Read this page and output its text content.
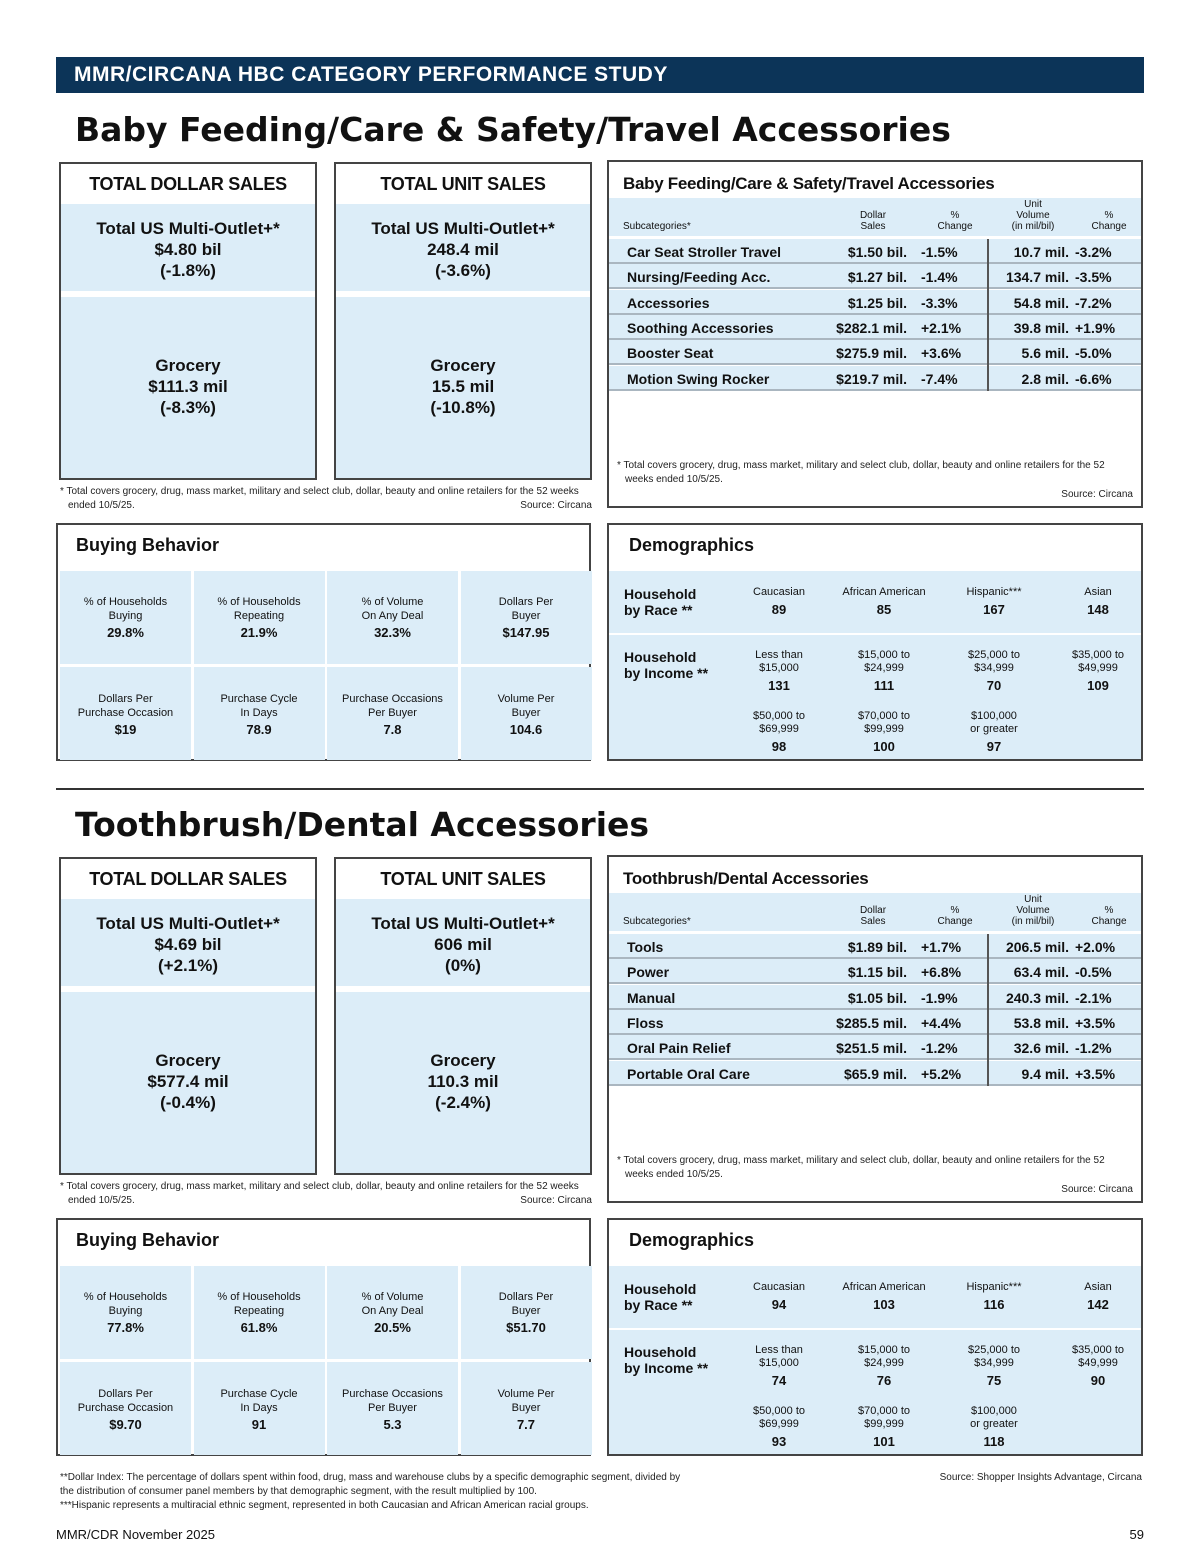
MMR/CIRCANA HBC CATEGORY PERFORMANCE STUDY
Baby Feeding/Care & Safety/Travel Accessories
TOTAL DOLLAR SALES
Total US Multi-Outlet+*
$4.80 bil
(-1.8%)
Grocery
$111.3 mil
(-8.3%)
TOTAL UNIT SALES
Total US Multi-Outlet+*
248.4 mil
(-3.6%)
Grocery
15.5 mil
(-10.8%)
* Total covers grocery, drug, mass market, military and select club, dollar, beauty and online retailers for the 52 weeks
ended 10/5/25.	Source: Circana
Baby Feeding/Care & Safety/Travel Accessories
Subcategories*
Dollar
Sales
%
Change
Unit
Volume
(in mil/bil)
%
Change
Car Seat Stroller Travel	$1.50 bil. -1.5%	10.7 mil. -3.2%
Nursing/Feeding Acc.	$1.27 bil. -1.4%	134.7 mil. -3.5%
Accessories	$1.25 bil. -3.3%	54.8 mil. -7.2%
Soothing Accessories	$282.1 mil. +2.1%	39.8 mil. +1.9%
Booster Seat	$275.9 mil. +3.6%	5.6 mil. -5.0%
Motion Swing Rocker	$219.7 mil. -7.4%	2.8 mil. -6.6%
* Total covers grocery, drug, mass market, military and select club, dollar, beauty and online retailers for the 52
weeks ended 10/5/25.
Source: Circana
Buying Behavior
% of Households
Buying
29.8%
% of Households
Repeating
21.9%
% of Volume
On Any Deal
32.3%
Dollars Per
Buyer
$147.95
Dollars Per
Purchase Occasion
$19
Purchase Cycle
In Days
78.9
Purchase Occasions
Per Buyer
7.8
Volume Per
Buyer
104.6
Demographics
Household
by Race **
Household
by Income **
Caucasian
89
African American
85
Hispanic***
167
Asian
148
Less than
$15,000
131
$15,000 to
$24,999
111
$25,000 to
$34,999
70
$35,000 to
$49,999
109
$50,000 to
$69,999
98
$70,000 to
$99,999
100
$100,000
or greater
97
Toothbrush/Dental Accessories
TOTAL DOLLAR SALES
Total US Multi-Outlet+*
$4.69 bil
(+2.1%)
Grocery
$577.4 mil
(-0.4%)
TOTAL UNIT SALES
Total US Multi-Outlet+*
606 mil
(0%)
Grocery
110.3 mil
(-2.4%)
* Total covers grocery, drug, mass market, military and select club, dollar, beauty and online retailers for the 52 weeks
ended 10/5/25.	Source: Circana
Toothbrush/Dental Accessories
Subcategories*
Dollar
Sales
%
Change
Unit
Volume
(in mil/bil)
%
Change
Tools	$1.89 bil. +1.7%	206.5 mil. +2.0%
Power	$1.15 bil. +6.8%	63.4 mil. -0.5%
Manual	$1.05 bil. -1.9%	240.3 mil. -2.1%
Floss	$285.5 mil. +4.4%	53.8 mil. +3.5%
Oral Pain Relief	$251.5 mil. -1.2%	32.6 mil. -1.2%
Portable Oral Care	$65.9 mil. +5.2%	9.4 mil. +3.5%
* Total covers grocery, drug, mass market, military and select club, dollar, beauty and online retailers for the 52
weeks ended 10/5/25.
Source: Circana
Buying Behavior
% of Households
Buying
77.8%
% of Households
Repeating
61.8%
% of Volume
On Any Deal
20.5%
Dollars Per
Buyer
$51.70
Dollars Per
Purchase Occasion
$9.70
Purchase Cycle
In Days
91
Purchase Occasions
Per Buyer
5.3
Volume Per
Buyer
7.7
Demographics
Household
by Race **
Household
by Income **
Caucasian
94
African American
103
Hispanic***
116
Asian
142
Less than
$15,000
74
$15,000 to
$24,999
76
$25,000 to
$34,999
75
$35,000 to
$49,999
90
$50,000 to
$69,999
93
$70,000 to
$99,999
101
$100,000
or greater
118
**Dollar Index: The percentage of dollars spent within food, drug, mass and warehouse clubs by a specific demographic segment, divided by
the distribution of consumer panel members by that demographic segment, with the result multiplied by 100.
***Hispanic represents a multiracial ethnic segment, represented in both Caucasian and African American racial groups.
Source: Shopper Insights Advantage, Circana
MMR/CDR November 2025	59
